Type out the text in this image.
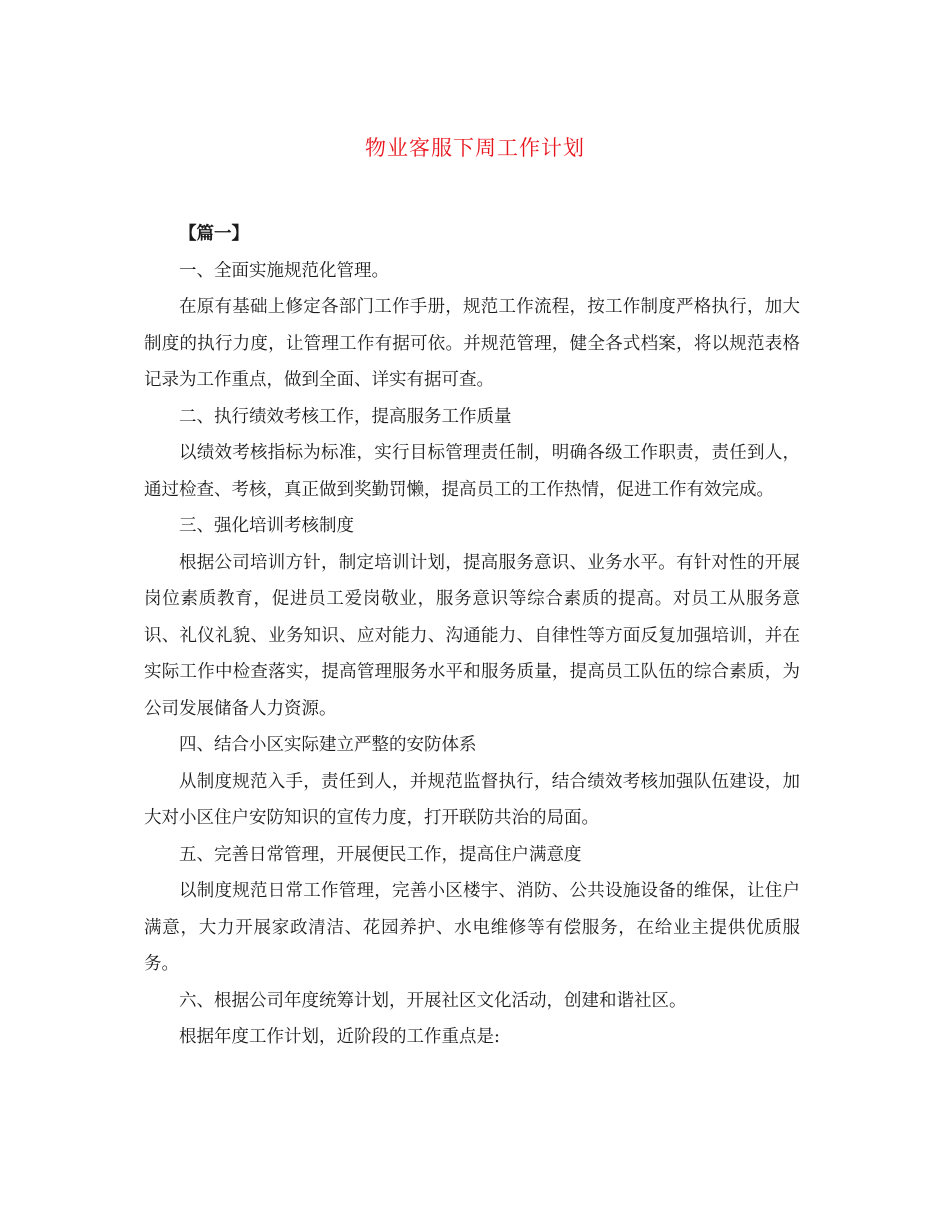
物业客服下周工作计划

【篇一】

一、全面实施规范化管理。

在原有基础上修定各部门工作手册，规范工作流程，按工作制度严格执行，加大制度的执行力度，让管理工作有据可依。并规范管理，健全各式档案，将以规范表格记录为工作重点，做到全面、详实有据可查。

二、执行绩效考核工作，提高服务工作质量

以绩效考核指标为标准，实行目标管理责任制，明确各级工作职责，责任到人，通过检查、考核，真正做到奖勤罚懒，提高员工的工作热情，促进工作有效完成。

三、强化培训考核制度

根据公司培训方针，制定培训计划，提高服务意识、业务水平。有针对性的开展岗位素质教育，促进员工爱岗敬业，服务意识等综合素质的提高。对员工从服务意识、礼仪礼貌、业务知识、应对能力、沟通能力、自律性等方面反复加强培训，并在实际工作中检查落实，提高管理服务水平和服务质量，提高员工队伍的综合素质，为公司发展储备人力资源。

四、结合小区实际建立严整的安防体系

从制度规范入手，责任到人，并规范监督执行，结合绩效考核加强队伍建设，加大对小区住户安防知识的宣传力度，打开联防共治的局面。

五、完善日常管理，开展便民工作，提高住户满意度

以制度规范日常工作管理，完善小区楼宇、消防、公共设施设备的维保，让住户满意，大力开展家政清洁、花园养护、水电维修等有偿服务，在给业主提供优质服务。

六、根据公司年度统筹计划，开展社区文化活动，创建和谐社区。

根据年度工作计划，近阶段的工作重点是:
